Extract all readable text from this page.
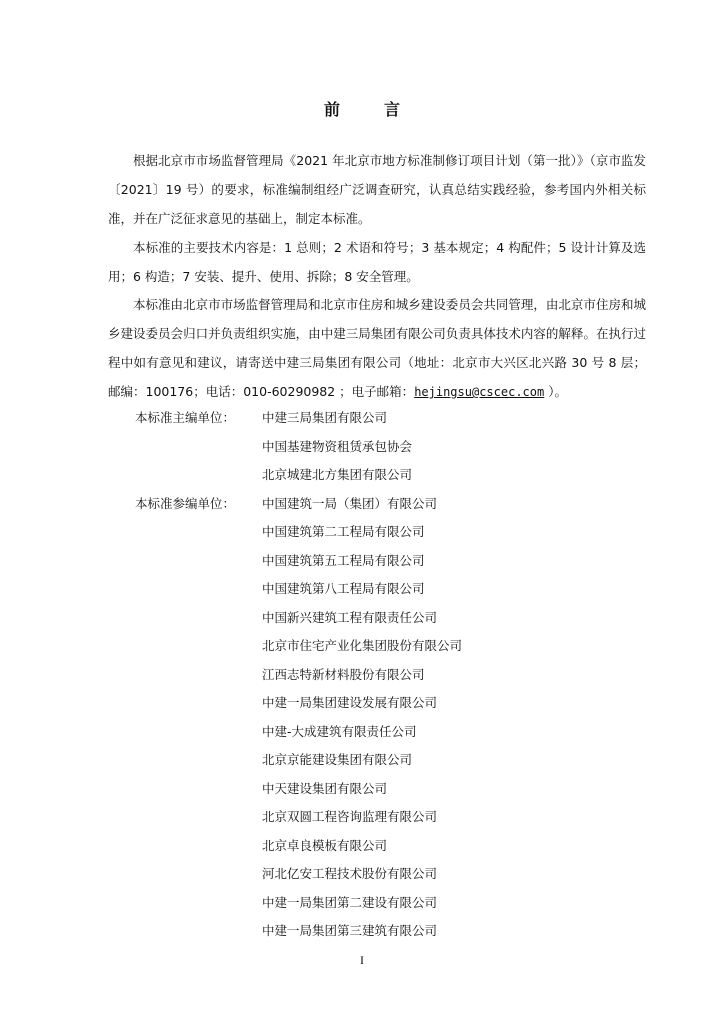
前　言

根据北京市市场监督管理局《2021 年北京市地方标准制修订项目计划（第一批）》（京市监发〔2021〕19 号）的要求，标准编制组经广泛调查研究，认真总结实践经验，参考国内外相关标准，并在广泛征求意见的基础上，制定本标准。

本标准的主要技术内容是：1 总则；2 术语和符号；3 基本规定；4 构配件；5 设计计算及选用；6 构造；7 安装、提升、使用、拆除；8 安全管理。

本标准由北京市市场监督管理局和北京市住房和城乡建设委员会共同管理，由北京市住房和城乡建设委员会归口并负责组织实施，由中建三局集团有限公司负责具体技术内容的解释。在执行过程中如有意见和建议，请寄送中建三局集团有限公司（地址：北京市大兴区北兴路 30 号 8 层；邮编：100176；电话：010-60290982 ；电子邮箱：hejingsu@cscec.com ）。

本标准主编单位：	中建三局集团有限公司
中国基建物资租赁承包协会
北京城建北方集团有限公司
本标准参编单位：	中国建筑一局（集团）有限公司
中国建筑第二工程局有限公司
中国建筑第五工程局有限公司
中国建筑第八工程局有限公司
中国新兴建筑工程有限责任公司
北京市住宅产业化集团股份有限公司
江西志特新材料股份有限公司
中建一局集团建设发展有限公司
中建-大成建筑有限责任公司
北京京能建设集团有限公司
中天建设集团有限公司
北京双圆工程咨询监理有限公司
北京卓良模板有限公司
河北亿安工程技术股份有限公司
中建一局集团第二建设有限公司
中建一局集团第三建筑有限公司
I
